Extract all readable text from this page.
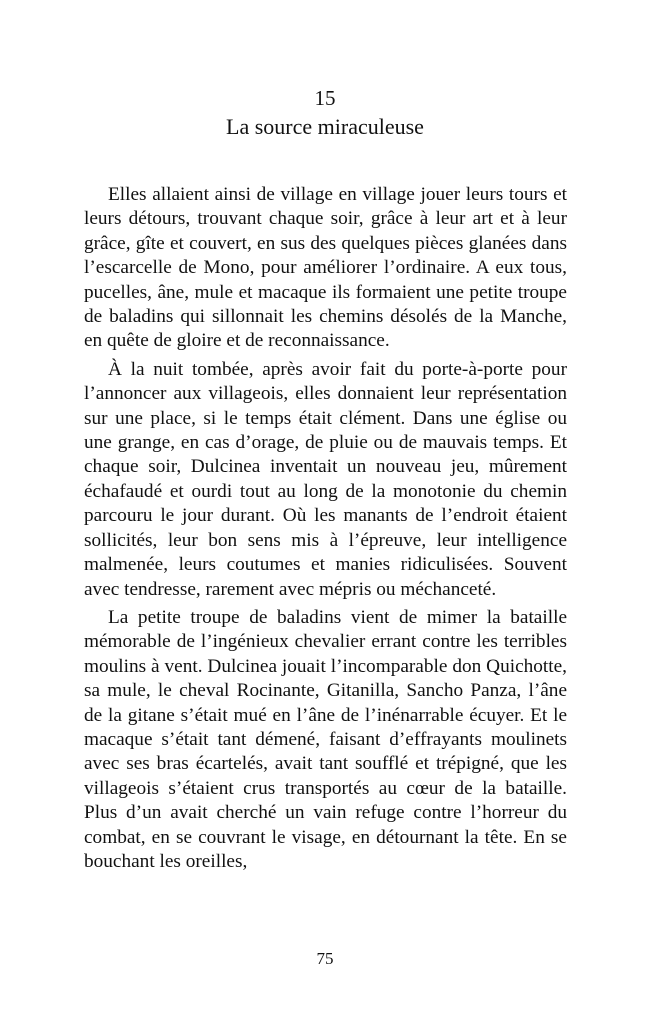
15
La source miraculeuse

Elles allaient ainsi de village en village jouer leurs tours et leurs détours, trouvant chaque soir, grâce à leur art et à leur grâce, gîte et couvert, en sus des quelques pièces glanées dans l’escarcelle de Mono, pour améliorer l’ordinaire. A eux tous, pucelles, âne, mule et macaque ils formaient une petite troupe de baladins qui sillonnait les chemins désolés de la Manche, en quête de gloire et de reconnaissance.

À la nuit tombée, après avoir fait du porte-à-porte pour l’annoncer aux villageois, elles donnaient leur représentation sur une place, si le temps était clément. Dans une église ou une grange, en cas d’orage, de pluie ou de mauvais temps. Et chaque soir, Dulcinea inventait un nouveau jeu, mûrement échafaudé et ourdi tout au long de la monotonie du chemin parcouru le jour durant. Où les manants de l’endroit étaient sollicités, leur bon sens mis à l’épreuve, leur intelligence malmenée, leurs coutumes et manies ridiculisées. Souvent avec tendresse, rarement avec mépris ou méchanceté.

La petite troupe de baladins vient de mimer la bataille mémorable de l’ingénieux chevalier errant contre les terribles moulins à vent. Dulcinea jouait l’incomparable don Quichotte, sa mule, le cheval Rocinante, Gitanilla, Sancho Panza, l’âne de la gitane s’était mué en l’âne de l’inénarrable écuyer. Et le macaque s’était tant démené, faisant d’effrayants moulinets avec ses bras écartelés, avait tant soufflé et trépigné, que les villageois s’étaient crus transportés au cœur de la bataille. Plus d’un avait cherché un vain refuge contre l’horreur du combat, en se couvrant le visage, en détournant la tête. En se bouchant les oreilles,

75
